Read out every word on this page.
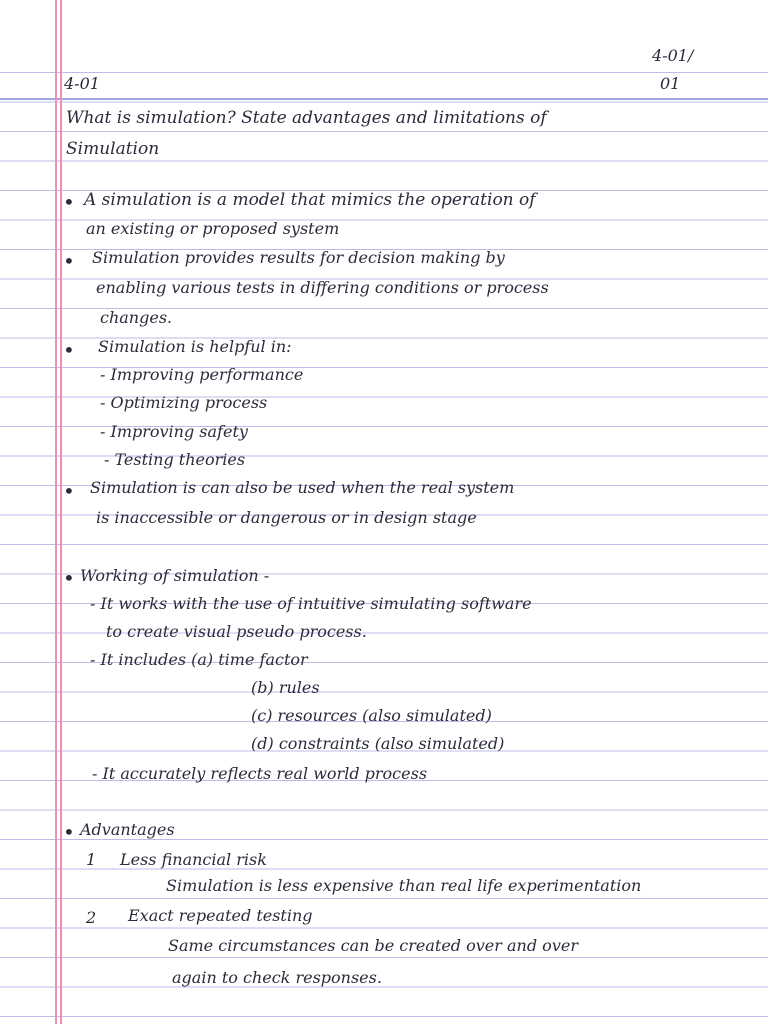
4-01
4-01/
01
What is simulation? State advantages and limitations of
Simulation
• A simulation is a model that mimics the operation of
an existing or proposed system
• Simulation provides results for decision making by
enabling various tests in differing conditions or process
changes.
• Simulation is helpful in:
- Improving performance
- Optimizing process
- Improving safety
- Testing theories
• Simulation is can also be used when the real system
is inaccessible or dangerous or in design stage
• Working of simulation -
- It works with the use of intuitive simulating software
to create visual pseudo process.
- It includes (a) time factor
(b) rules
(c) resources (also simulated)
(d) constraints (also simulated)
- It accurately reflects real world process
• Advantages
1 Less financial risk
Simulation is less expensive than real life experimentation
2 Exact repeated testing
Same circumstances can be created over and over
again to check responses.
